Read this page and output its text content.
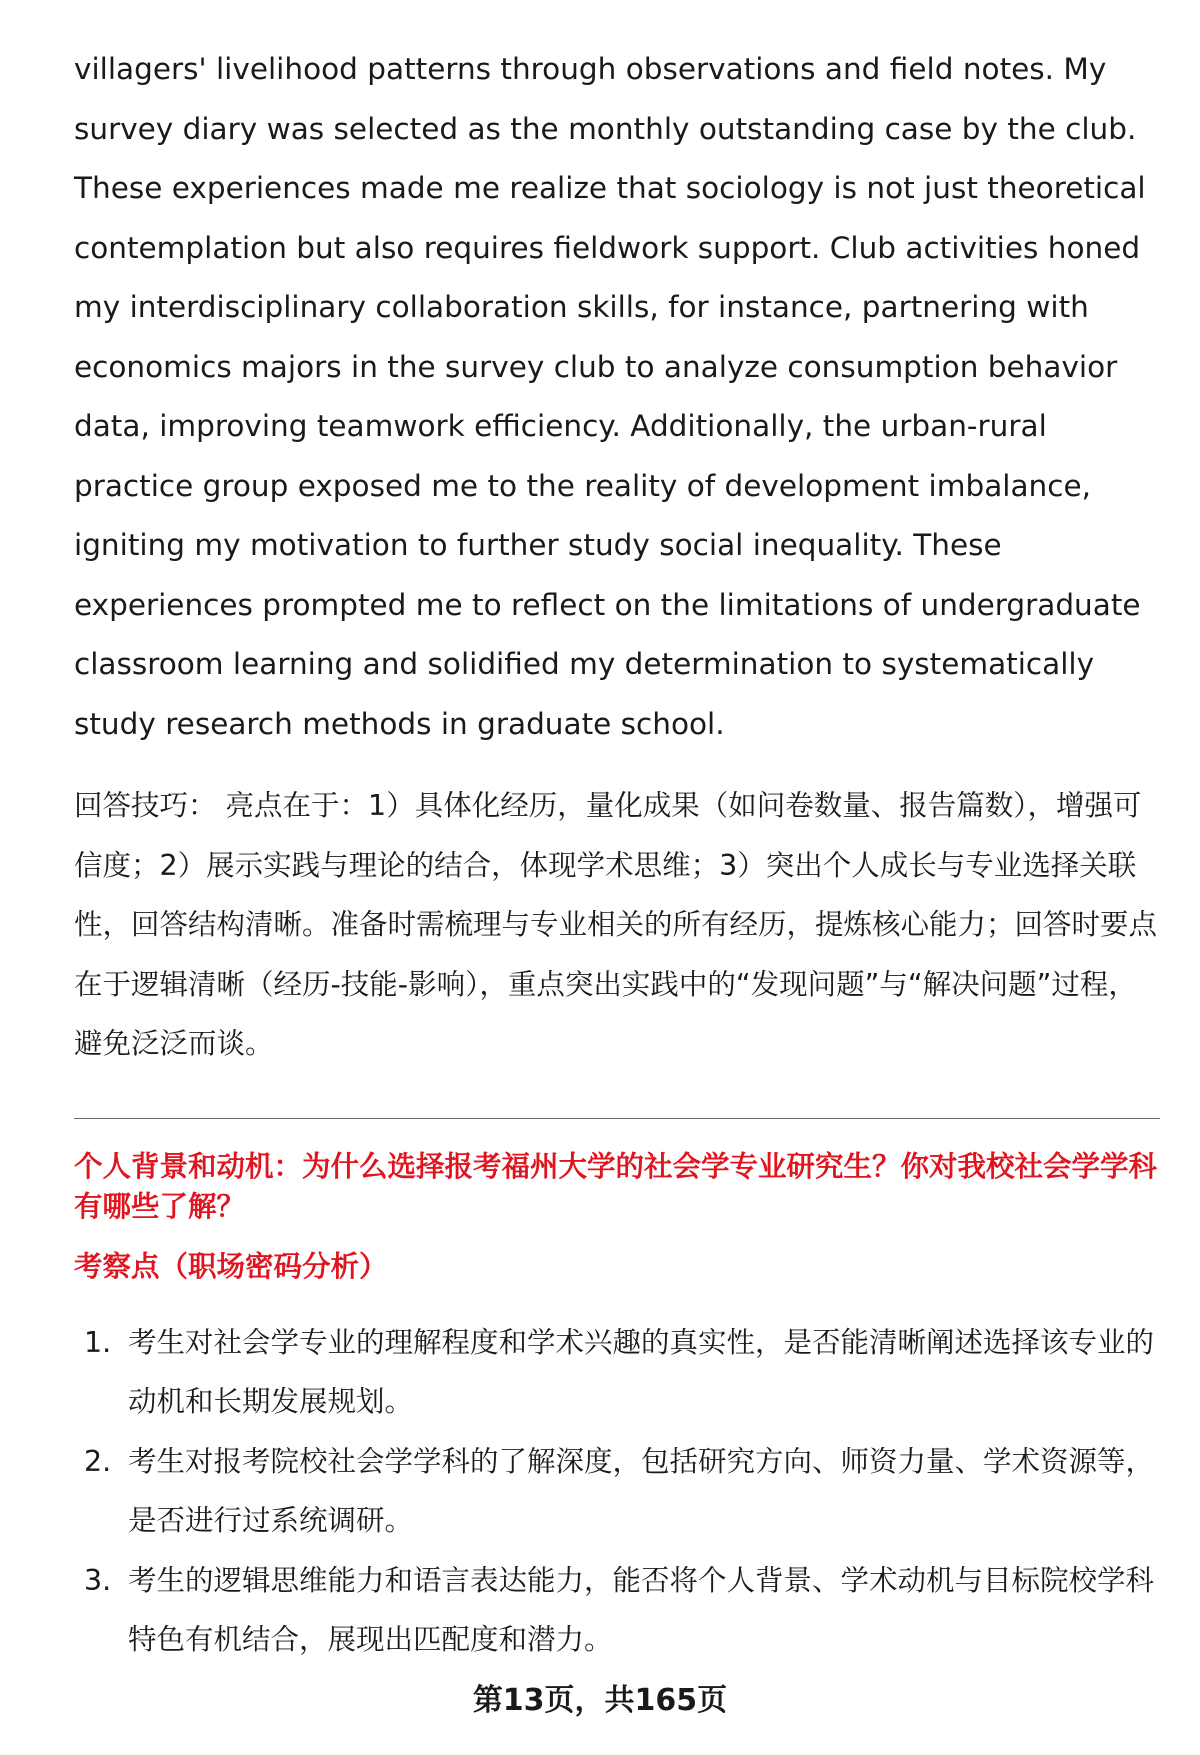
villagers' livelihood patterns through observations and field notes. My survey diary was selected as the monthly outstanding case by the club. These experiences made me realize that sociology is not just theoretical contemplation but also requires fieldwork support. Club activities honed my interdisciplinary collaboration skills, for instance, partnering with economics majors in the survey club to analyze consumption behavior data, improving teamwork efficiency. Additionally, the urban-rural practice group exposed me to the reality of development imbalance, igniting my motivation to further study social inequality. These experiences prompted me to reflect on the limitations of undergraduate classroom learning and solidified my determination to systematically study research methods in graduate school.

回答技巧： 亮点在于：1）具体化经历，量化成果（如问卷数量、报告篇数），增强可信度；2）展示实践与理论的结合，体现学术思维；3）突出个人成长与专业选择关联性，回答结构清晰。准备时需梳理与专业相关的所有经历，提炼核心能力；回答时要点在于逻辑清晰（经历-技能-影响），重点突出实践中的“发现问题”与“解决问题”过程，避免泛泛而谈。
个人背景和动机：为什么选择报考福州大学的社会学专业研究生？你对我校社会学学科有哪些了解？
考察点（职场密码分析）
1. 考生对社会学专业的理解程度和学术兴趣的真实性，是否能清晰阐述选择该专业的动机和长期发展规划。
2. 考生对报考院校社会学学科的了解深度，包括研究方向、师资力量、学术资源等，是否进行过系统调研。
3. 考生的逻辑思维能力和语言表达能力，能否将个人背景、学术动机与目标院校学科特色有机结合，展现出匹配度和潜力。
第13页，共165页
